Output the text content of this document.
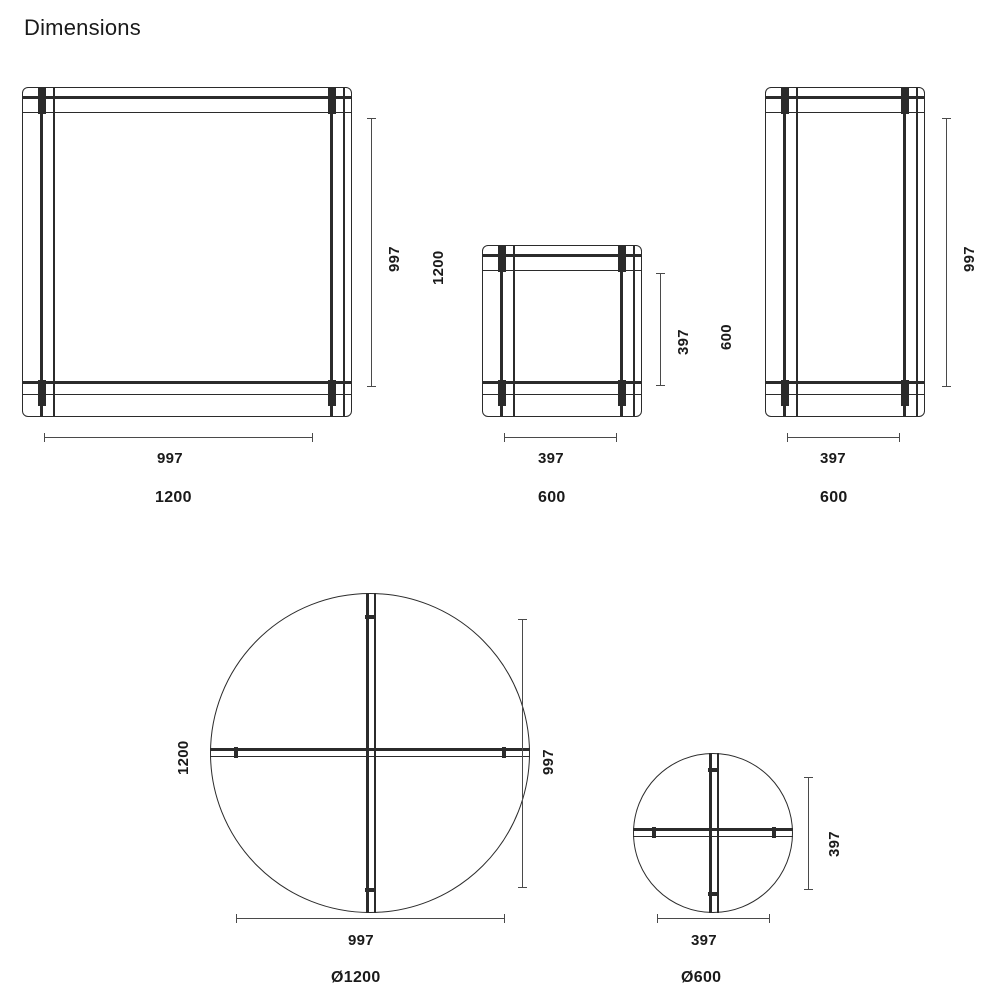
Dimensions
997 1200
997
1200
397
397
600
997
600
397
600
1200	997
997
Ø1200
397
397
Ø600
